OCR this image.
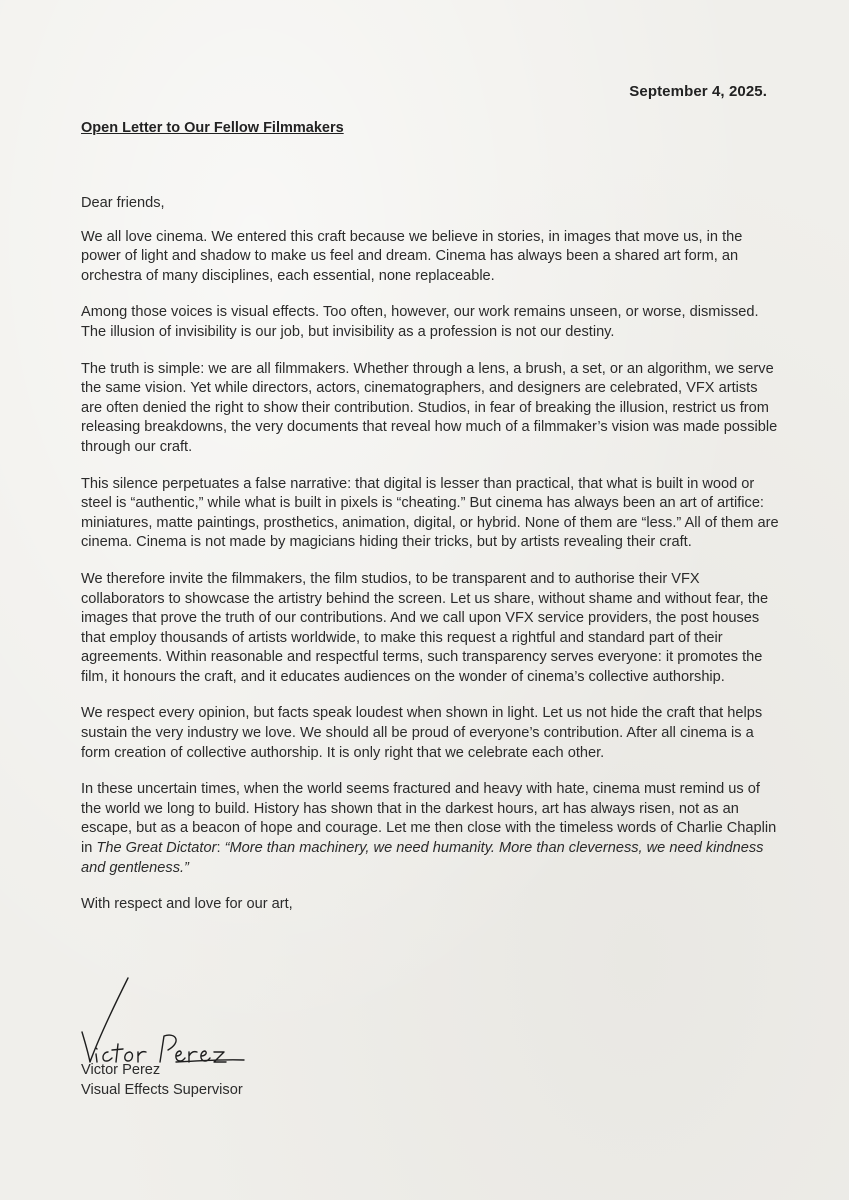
September 4, 2025.
Open Letter to Our Fellow Filmmakers

Dear friends,

We all love cinema. We entered this craft because we believe in stories, in images that move us, in the power of light and shadow to make us feel and dream. Cinema has always been a shared art form, an orchestra of many disciplines, each essential, none replaceable.

Among those voices is visual effects. Too often, however, our work remains unseen, or worse, dismissed. The illusion of invisibility is our job, but invisibility as a profession is not our destiny.

The truth is simple: we are all filmmakers. Whether through a lens, a brush, a set, or an algorithm, we serve the same vision. Yet while directors, actors, cinematographers, and designers are celebrated, VFX artists are often denied the right to show their contribution. Studios, in fear of breaking the illusion, restrict us from releasing breakdowns, the very documents that reveal how much of a filmmaker’s vision was made possible through our craft.

This silence perpetuates a false narrative: that digital is lesser than practical, that what is built in wood or steel is “authentic,” while what is built in pixels is “cheating.” But cinema has always been an art of artifice: miniatures, matte paintings, prosthetics, animation, digital, or hybrid. None of them are “less.” All of them are cinema. Cinema is not made by magicians hiding their tricks, but by artists revealing their craft.

We therefore invite the filmmakers, the film studios, to be transparent and to authorise their VFX collaborators to showcase the artistry behind the screen. Let us share, without shame and without fear, the images that prove the truth of our contributions. And we call upon VFX service providers, the post houses that employ thousands of artists worldwide, to make this request a rightful and standard part of their agreements. Within reasonable and respectful terms, such transparency serves everyone: it promotes the film, it honours the craft, and it educates audiences on the wonder of cinema’s collective authorship.

We respect every opinion, but facts speak loudest when shown in light. Let us not hide the craft that helps sustain the very industry we love. We should all be proud of everyone’s contribution. After all cinema is a form creation of collective authorship. It is only right that we celebrate each other.

In these uncertain times, when the world seems fractured and heavy with hate, cinema must remind us of the world we long to build. History has shown that in the darkest hours, art has always risen, not as an escape, but as a beacon of hope and courage. Let me then close with the timeless words of Charlie Chaplin in The Great Dictator: “More than machinery, we need humanity. More than cleverness, we need kindness and gentleness.”

With respect and love for our art,

Victor Perez
Visual Effects Supervisor
